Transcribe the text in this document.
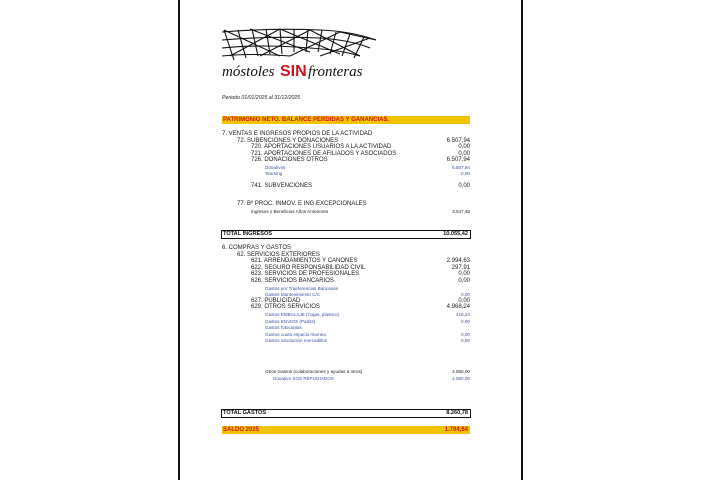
móstoles SIN fronteras
Periodo 01/01/2025 al 31/12/2025
PATRIMONIO NETO. BALANCE PERDIDAS Y GANANCIAS.
7. VENTAS E INGRESOS PROPIOS DE LA ACTIVIDAD
72. SUBENCIONES Y DONACIONES	6.507,94
720. APORTACIONES USUARIOS A LA ACTIVIDAD	0,00
721. APORTACIONES DE AFILIADOS Y ASOCIADOS	0,00
726. DONACIONES OTROS	6.507,94
Donativos	6.507,94
Teaming	0,00
741. SUBVENCIONES	0,00
77. Bº PROC. INMOV. E ING.EXCEPCIONALES
Ingresos y Beneficios Años Anteriores	3.547,48
TOTAL INGRESOS	10.055,42
6. COMPRAS Y GASTOS
62. SERVICIOS EXTERIORES
621. ARRENDAMIENTOS Y CANONES	2.994,63
622. SEGURO RESPONSABILIDAD CIVIL	297,91
623. SERVICIOS DE PROFESIONALES	0,00
626. SERVICIOS BANCARIOS	0,00
Gastos por Trasferencias Bancarias
Gastos Mantenimiento C/C	0,00
627. PUBLICIDAD	0,00
629. OTROS SERVICIOS	4.968,24
Gastos EMBALAJE (Cajas, plastico)	416,24
Gastos ENVIOS (Palets)	0,00
Gastos fotocopias
Gastos cuota espacio Alamea	0,00
Gastos inscripción mercadillos	0,00
Otros Gastos (colaboraciones y ayudas a otros)	4.550,00
Donativo SOS REFUGIADOS	4.550,00
TOTAL GASTOS	8.260,78
SALDO 2025	1.794,64
